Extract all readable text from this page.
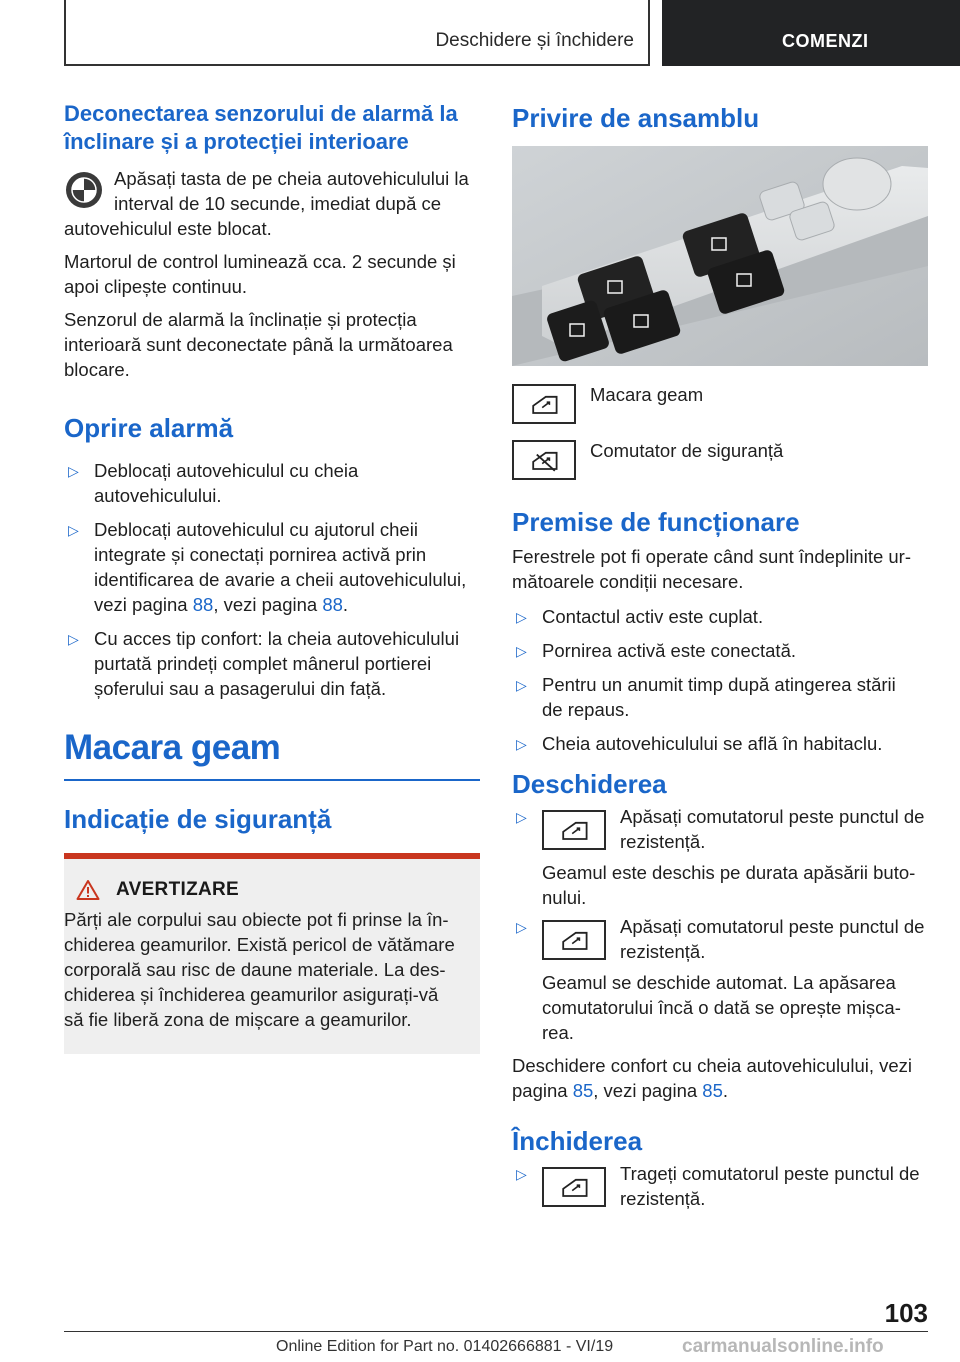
Deschidere și închidere	COMENZI
Deconectarea senzorului de alarmă la înclinare și a protecției interioare

Apăsați tasta de pe cheia autovehiculului la interval de 10 secunde, imediat după ce autovehiculul este blocat.

Martorul de control luminează cca. 2 secunde și apoi clipește continuu.

Senzorul de alarmă la înclinație și protecția interioară sunt deconectate până la următoarea blocare.

Oprire alarmă
▷ Deblocați autovehiculul cu cheia autovehiculului.
▷ Deblocați autovehiculul cu ajutorul cheii integrate și conectați pornirea activă prin identificarea de avarie a cheii autovehiculului, vezi pagina 88, vezi pagina 88.
▷ Cu acces tip confort: la cheia autovehiculului purtată prindeți complet mânerul portierei șoferului sau a pasagerului din față.
Macara geam
Indicație de siguranță
AVERTIZARE

Părți ale corpului sau obiecte pot fi prinse la în-

chiderea geamurilor. Există pericol de vătămare

corporală sau risc de daune materiale. La des-

chiderea și închiderea geamurilor asigurați-vă

să fie liberă zona de mișcare a geamurilor.

Privire de ansamblu

Macara geam

Comutator de siguranță

Premise de funcționare

Ferestrele pot fi operate când sunt îndeplinite ur-

mătoarele condiții necesare.

▷ Contactul activ este cuplat.
▷ Pornirea activă este conectată.
▷ Pentru un anumit timp după atingerea stării
de repaus.
▷ Cheia autovehiculului se află în habitaclu.
Deschiderea
▷	Apăsați comutatorul peste punctul de
rezistență.

Geamul este deschis pe durata apăsării buto-
nului.

▷	Apăsați comutatorul peste punctul de
rezistență.

Geamul se deschide automat. La apăsarea
comutatorului încă o dată se oprește mișca-
rea.

Deschidere confort cu cheia autovehiculului, vezi
pagina 85, vezi pagina 85.

Închiderea
▷	Trageți comutatorul peste punctul de
rezistență.

103
Online Edition for Part no. 01402666881 - VI/19	carmanualsonline.info
